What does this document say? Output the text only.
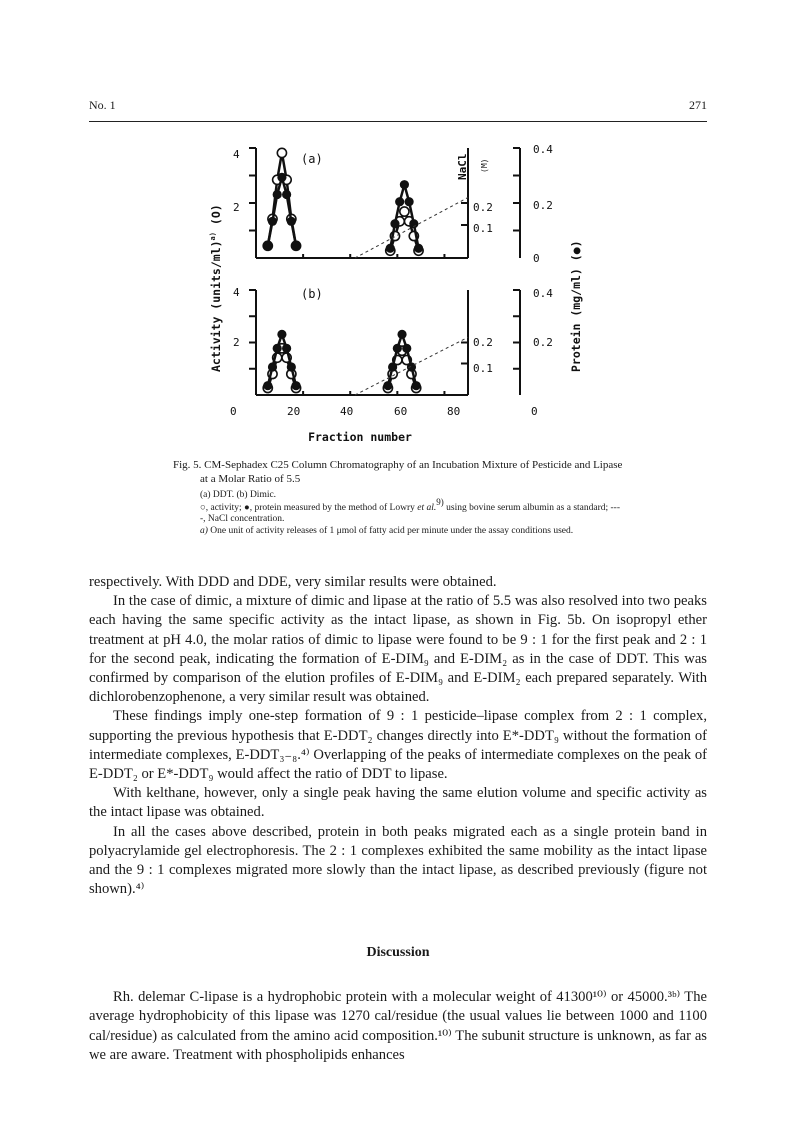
No. 1	271
(a)
(b)
4
2
4
2
0.2
0.1
0.2
0.1
0.4
0.2
0
0.4
0.2
0	20	40	60	80	0
Fraction number
Activity (units/ml)$^{a)}$ (O)
Protein (mg/ml) (●)
NaCl (M)
Fig. 5. CM-Sephadex C25 Column Chromatography of an Incubation Mixture of Pesticide and Lipase at a Molar Ratio of 5.5
(a) DDT. (b) Dimic.
○, activity; ●, protein measured by the method of Lowry et al.$^{9)}$ using bovine serum albumin as a standard; ----, NaCl concentration.
a) One unit of activity releases of 1 μmol of fatty acid per minute under the assay conditions used.

respectively. With DDD and DDE, very similar results were obtained.

In the case of dimic, a mixture of dimic and lipase at the ratio of 5.5 was also resolved into two peaks each having the same specific activity as the intact lipase, as shown in Fig. 5b. On isopropyl ether treatment at pH 4.0, the molar ratios of dimic to lipase were found to be 9 : 1 for the first peak and 2 : 1 for the second peak, indicating the formation of E-DIM₉ and E-DIM₂ as in the case of DDT. This was confirmed by comparison of the elution profiles of E-DIM₉ and E-DIM₂ each prepared separately. With dichlorobenzophenone, a very similar result was obtained.

These findings imply one-step formation of 9 : 1 pesticide–lipase complex from 2 : 1 complex, supporting the previous hypothesis that E-DDT₂ changes directly into E*-DDT₉ without the formation of intermediate complexes, E-DDT₃₋₈.⁴⁾ Overlapping of the peaks of intermediate complexes on the peak of E-DDT₂ or E*-DDT₉ would affect the ratio of DDT to lipase.

With kelthane, however, only a single peak having the same elution volume and specific activity as the intact lipase was obtained.

In all the cases above described, protein in both peaks migrated each as a single protein band in polyacrylamide gel electrophoresis. The 2 : 1 complexes exhibited the same mobility as the intact lipase and the 9 : 1 complexes migrated more slowly than the intact lipase, as described previously (figure not shown).⁴⁾

Discussion

Rh. delemar C-lipase is a hydrophobic protein with a molecular weight of 41300¹⁰⁾ or 45000.³ᵇ⁾ The average hydrophobicity of this lipase was 1270 cal/residue (the usual values lie between 1000 and 1100 cal/residue) as calculated from the amino acid composition.¹⁰⁾ The subunit structure is unknown, as far as we are aware. Treatment with phospholipids enhances
